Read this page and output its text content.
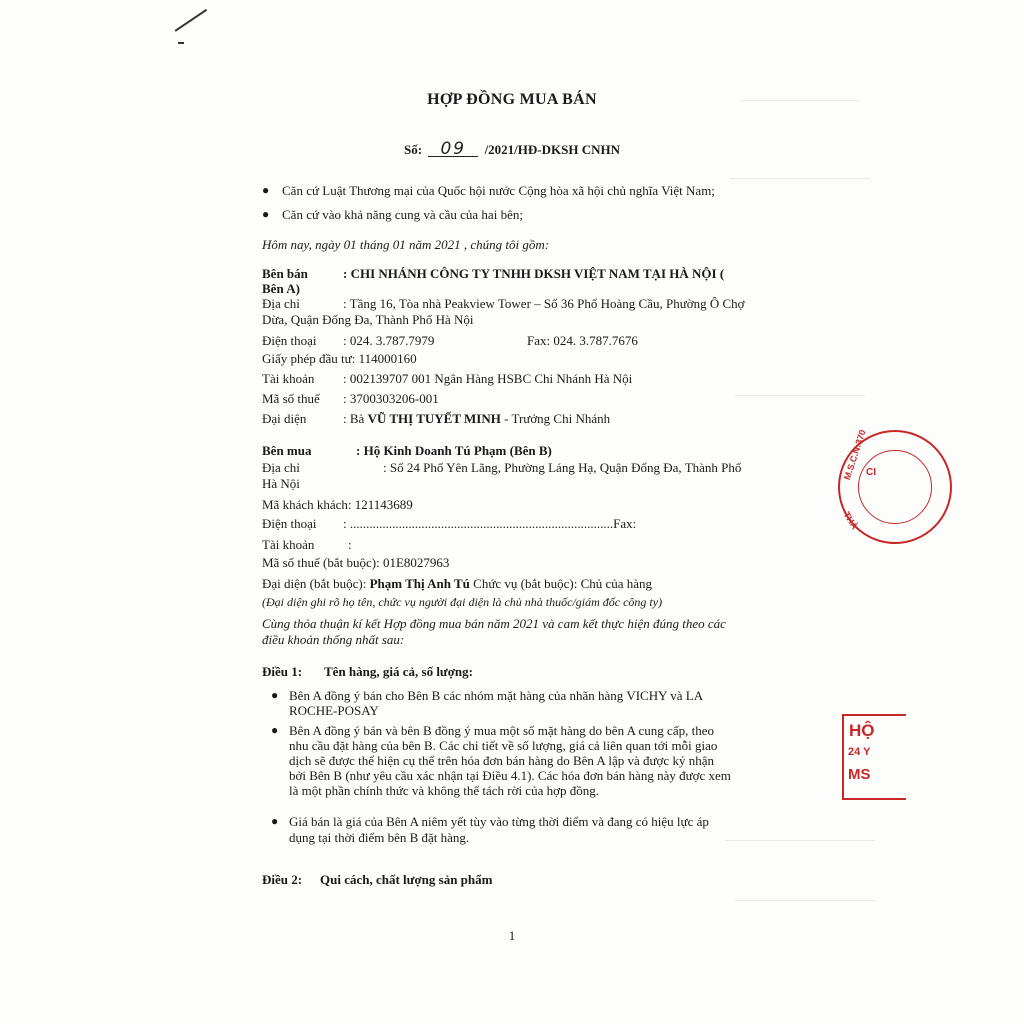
HỢP ĐỒNG MUA BÁN
Số: 09 /2021/HĐ-DKSH CNHN
● Căn cứ Luật Thương mại của Quốc hội nước Cộng hòa xã hội chủ nghĩa Việt Nam;
● Căn cứ vào khả năng cung và cầu của hai bên;
Hôm nay, ngày 01 tháng 01 năm 2021 , chúng tôi gồm:
Bên bán	: CHI NHÁNH CÔNG TY TNHH DKSH VIỆT NAM TẠI HÀ NỘI (
Bên A)
Địa chỉ	: Tầng 16, Tòa nhà Peakview Tower – Số 36 Phố Hoàng Cầu, Phường Ô Chợ
Dừa, Quận Đống Đa, Thành Phố Hà Nội
Điện thoại : 024. 3.787.7979	Fax: 024. 3.787.7676
Giấy phép đầu tư: 114000160
Tài khoản : 002139707 001 Ngân Hàng HSBC Chi Nhánh Hà Nội
Mã số thuế : 3700303206-001
Đại diện	: Bà VŨ THỊ TUYẾT MINH - Trưởng Chi Nhánh
Bên mua	: Hộ Kinh Doanh Tú Phạm (Bên B)
Địa chỉ	: Số 24 Phố Yên Lãng, Phường Láng Hạ, Quận Đống Đa, Thành Phố
Hà Nội
Mã khách khách: 121143689
Điện thoại : .................................................................................Fax:
Tài khoản	:
Mã số thuế (bắt buộc): 01E8027963
Đại diện (bắt buộc): Phạm Thị Anh Tú Chức vụ (bắt buộc): Chủ của hàng
(Đại diện ghi rõ họ tên, chức vụ người đại diện là chủ nhà thuốc/giám đốc công ty)
Cùng thỏa thuận kí kết Hợp đồng mua bán năm 2021 và cam kết thực hiện đúng theo các
điều khoản thống nhất sau:
Điều 1: Tên hàng, giá cả, số lượng:
● Bên A đồng ý bán cho Bên B các nhóm mặt hàng của nhãn hàng VICHY và LA
ROCHE-POSAY
● Bên A đồng ý bán và bên B đồng ý mua một số mặt hàng do bên A cung cấp, theo
nhu cầu đặt hàng của bên B. Các chi tiết về số lượng, giá cả liên quan tới mỗi giao
dịch sẽ được thể hiện cụ thể trên hóa đơn bán hàng do Bên A lập và được ký nhận
bởi Bên B (như yêu cầu xác nhận tại Điều 4.1). Các hóa đơn bán hàng này được xem
là một phần chính thức và không thể tách rời của hợp đồng.
● Giá bán là giá của Bên A niêm yết tùy vào từng thời điểm và đang có hiệu lực áp
dụng tại thời điểm bên B đặt hàng.
Điều 2: Qui cách, chất lượng sản phẩm
1
M.S.C.N:370
CI
THÀ
HỘ
24 Y
MS
